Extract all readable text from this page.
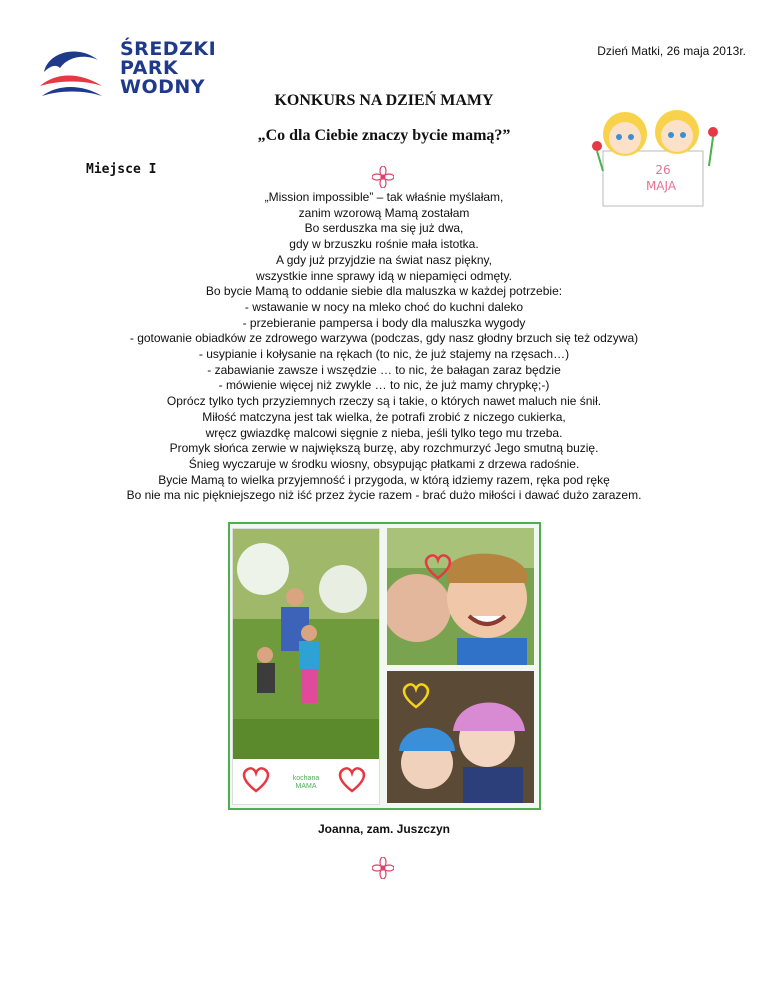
ŚREDZKI
PARK
WODNY
Dzień Matki, 26 maja 2013r.
KONKURS NA DZIEŃ MAMY
„Co dla Ciebie znaczy bycie mamą?”
Miejsce I	26
MAJA
„Mission impossible” – tak właśnie myślałam,
zanim wzorową Mamą zostałam
Bo serduszka ma się już dwa,
gdy w brzuszku rośnie mała istotka.
A gdy już przyjdzie na świat nasz piękny,
wszystkie inne sprawy idą w niepamięci odmęty.
Bo bycie Mamą to oddanie siebie dla maluszka w każdej potrzebie:
- wstawanie w nocy na mleko choć do kuchni daleko
- przebieranie pampersa i body dla maluszka wygody
- gotowanie obiadków ze zdrowego warzywa (podczas, gdy nasz głodny brzuch się też odzywa)
- usypianie i kołysanie na rękach (to nic, że już stajemy na rzęsach…)
- zabawianie zawsze i wszędzie … to nic, że bałagan zaraz będzie
- mówienie więcej niż zwykle … to nic, że już mamy chrypkę;-)
Oprócz tylko tych przyziemnych rzeczy są i takie, o których nawet maluch nie śnił.
Miłość matczyna jest tak wielka, że potrafi zrobić z niczego cukierka,
wręcz gwiazdkę malcowi sięgnie z nieba, jeśli tylko tego mu trzeba.
Promyk słońca zerwie w największą burzę, aby rozchmurzyć Jego smutną buzię.
Śnieg wyczaruje w środku wiosny, obsypując płatkami z drzewa radośnie.
Bycie Mamą to wielka przyjemność i przygoda, w którą idziemy razem, ręka pod rękę
Bo nie ma nic piękniejszego niż iść przez życie razem - brać dużo miłości i dawać dużo zarazem.
kochana
MAMA
Joanna, zam. Juszczyn
